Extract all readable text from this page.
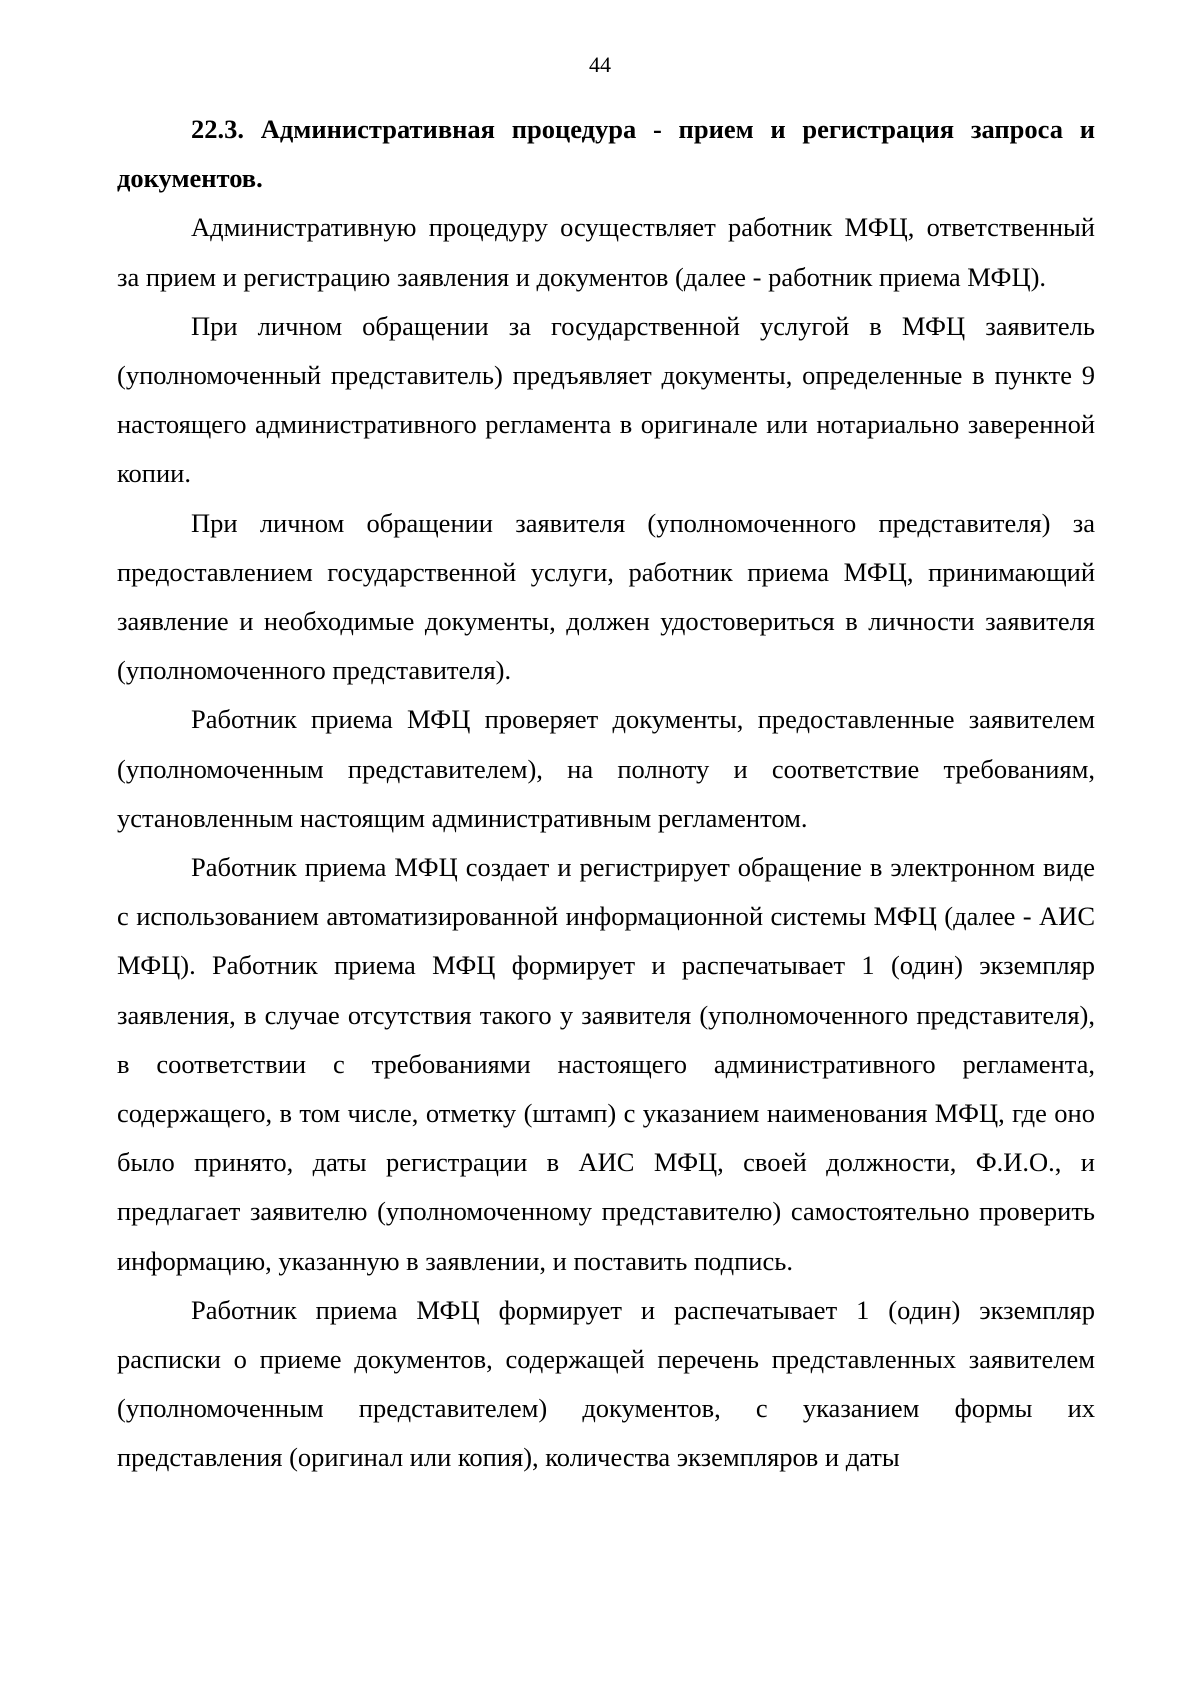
44

22.3. Административная процедура - прием и регистрация запроса и документов.

Административную процедуру осуществляет работник МФЦ, ответственный за прием и регистрацию заявления и документов (далее - работник приема МФЦ).

При личном обращении за государственной услугой в МФЦ заявитель (уполномоченный представитель) предъявляет документы, определенные в пункте 9 настоящего административного регламента в оригинале или нотариально заверенной копии.

При личном обращении заявителя (уполномоченного представителя) за предоставлением государственной услуги, работник приема МФЦ, принимающий заявление и необходимые документы, должен удостовериться в личности заявителя (уполномоченного представителя).

Работник приема МФЦ проверяет документы, предоставленные заявителем (уполномоченным представителем), на полноту и соответствие требованиям, установленным настоящим административным регламентом.

Работник приема МФЦ создает и регистрирует обращение в электронном виде с использованием автоматизированной информационной системы МФЦ (далее - АИС МФЦ). Работник приема МФЦ формирует и распечатывает 1 (один) экземпляр заявления, в случае отсутствия такого у заявителя (уполномоченного представителя), в соответствии с требованиями настоящего административного регламента, содержащего, в том числе, отметку (штамп) с указанием наименования МФЦ, где оно было принято, даты регистрации в АИС МФЦ, своей должности, Ф.И.О., и предлагает заявителю (уполномоченному представителю) самостоятельно проверить информацию, указанную в заявлении, и поставить подпись.

Работник приема МФЦ формирует и распечатывает 1 (один) экземпляр расписки о приеме документов, содержащей перечень представленных заявителем (уполномоченным представителем) документов, с указанием формы их представления (оригинал или копия), количества экземпляров и даты
